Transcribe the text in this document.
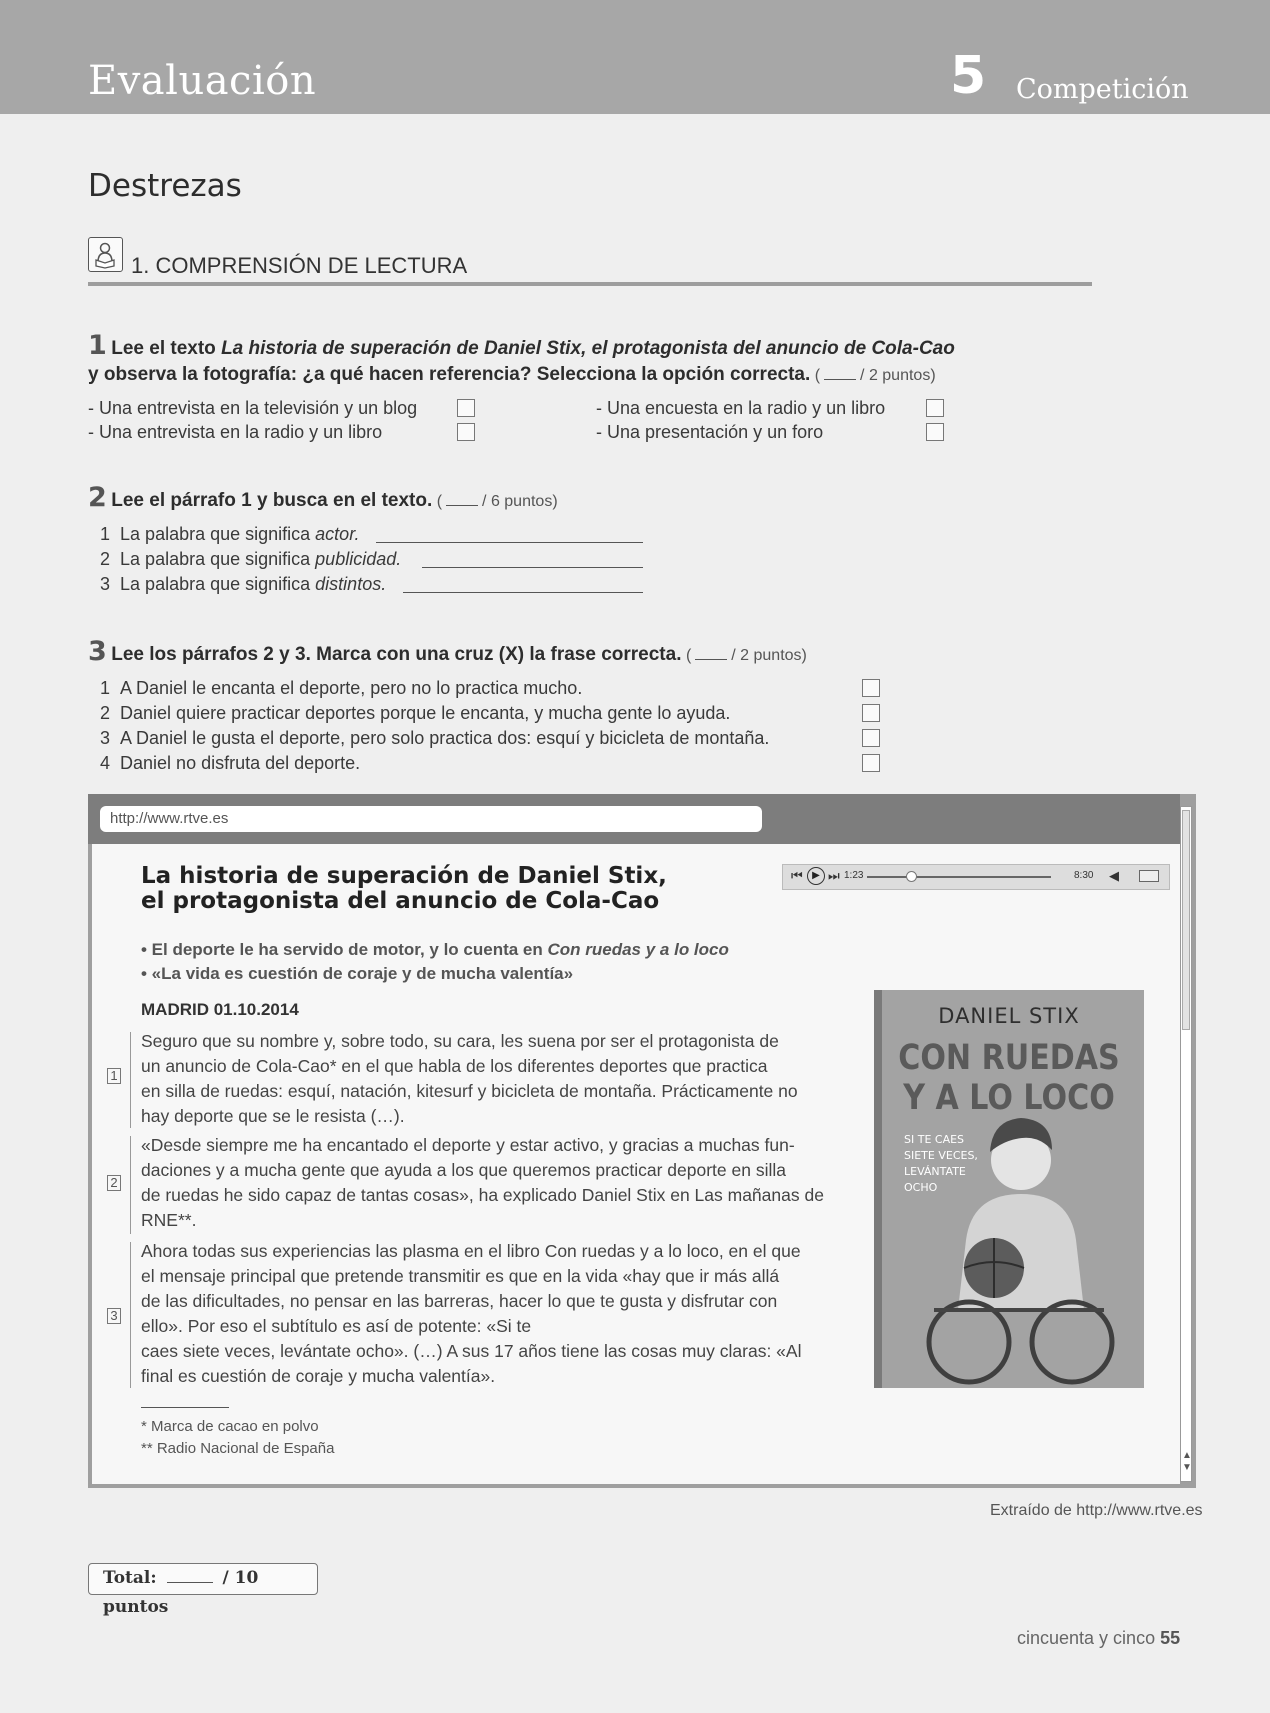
Evaluación	5 Competición
Destrezas
1. COMPRENSIÓN DE LECTURA
1 Lee el texto La historia de superación de Daniel Stix, el protagonista del anuncio de Cola-Cao
y observa la fotografía: ¿a qué hacen referencia? Selecciona la opción correcta. (	/ 2 puntos)
- Una entrevista en la televisión y un blog
- Una entrevista en la radio y un libro
- Una encuesta en la radio y un libro
- Una presentación y un foro
2 Lee el párrafo 1 y busca en el texto. (	/ 6 puntos)
1 La palabra que significa actor.
2 La palabra que significa publicidad.
3 La palabra que significa distintos.
3 Lee los párrafos 2 y 3. Marca con una cruz (X) la frase correcta. (	/ 2 puntos)
1 A Daniel le encanta el deporte, pero no lo practica mucho.
2 Daniel quiere practicar deportes porque le encanta, y mucha gente lo ayuda.
3 A Daniel le gusta el deporte, pero solo practica dos: esquí y bicicleta de montaña.
4 Daniel no disfruta del deporte.
http://www.rtve.es
▲
▼
La historia de superación de Daniel Stix,
el protagonista del anuncio de Cola-Cao
⏮ ▶ ⏭ 1:23	8:30 ◀
• El deporte le ha servido de motor, y lo cuenta en Con ruedas y a lo loco
• «La vida es cuestión de coraje y de mucha valentía»
MADRID 01.10.2014
1
Seguro que su nombre y, sobre todo, su cara, les suena por ser el protagonista de
un anuncio de Cola-Cao* en el que habla de los diferentes deportes que practica
en silla de ruedas: esquí, natación, kitesurf y bicicleta de montaña. Prácticamente no
hay deporte que se le resista (…).
2
«Desde siempre me ha encantado el deporte y estar activo, y gracias a muchas fun-
daciones y a mucha gente que ayuda a los que queremos practicar deporte en silla
de ruedas he sido capaz de tantas cosas», ha explicado Daniel Stix en Las mañanas de
RNE**.
3
Ahora todas sus experiencias las plasma en el libro Con ruedas y a lo loco, en el que
el mensaje principal que pretende transmitir es que en la vida «hay que ir más allá
de las dificultades, no pensar en las barreras, hacer lo que te gusta y disfrutar con
ello». Por eso el subtítulo es así de potente: «Si te
caes siete veces, levántate ocho». (…) A sus 17 años tiene las cosas muy claras: «Al
final es cuestión de coraje y mucha valentía».
DANIEL STIX
CON RUEDAS
Y A LO LOCO
SI TE CAES
SIETE VECES,
LEVÁNTATE
OCHO
* Marca de cacao en polvo
** Radio Nacional de España
Extraído de http://www.rtve.es
Total:	/ 10 puntos
cincuenta y cinco 55
